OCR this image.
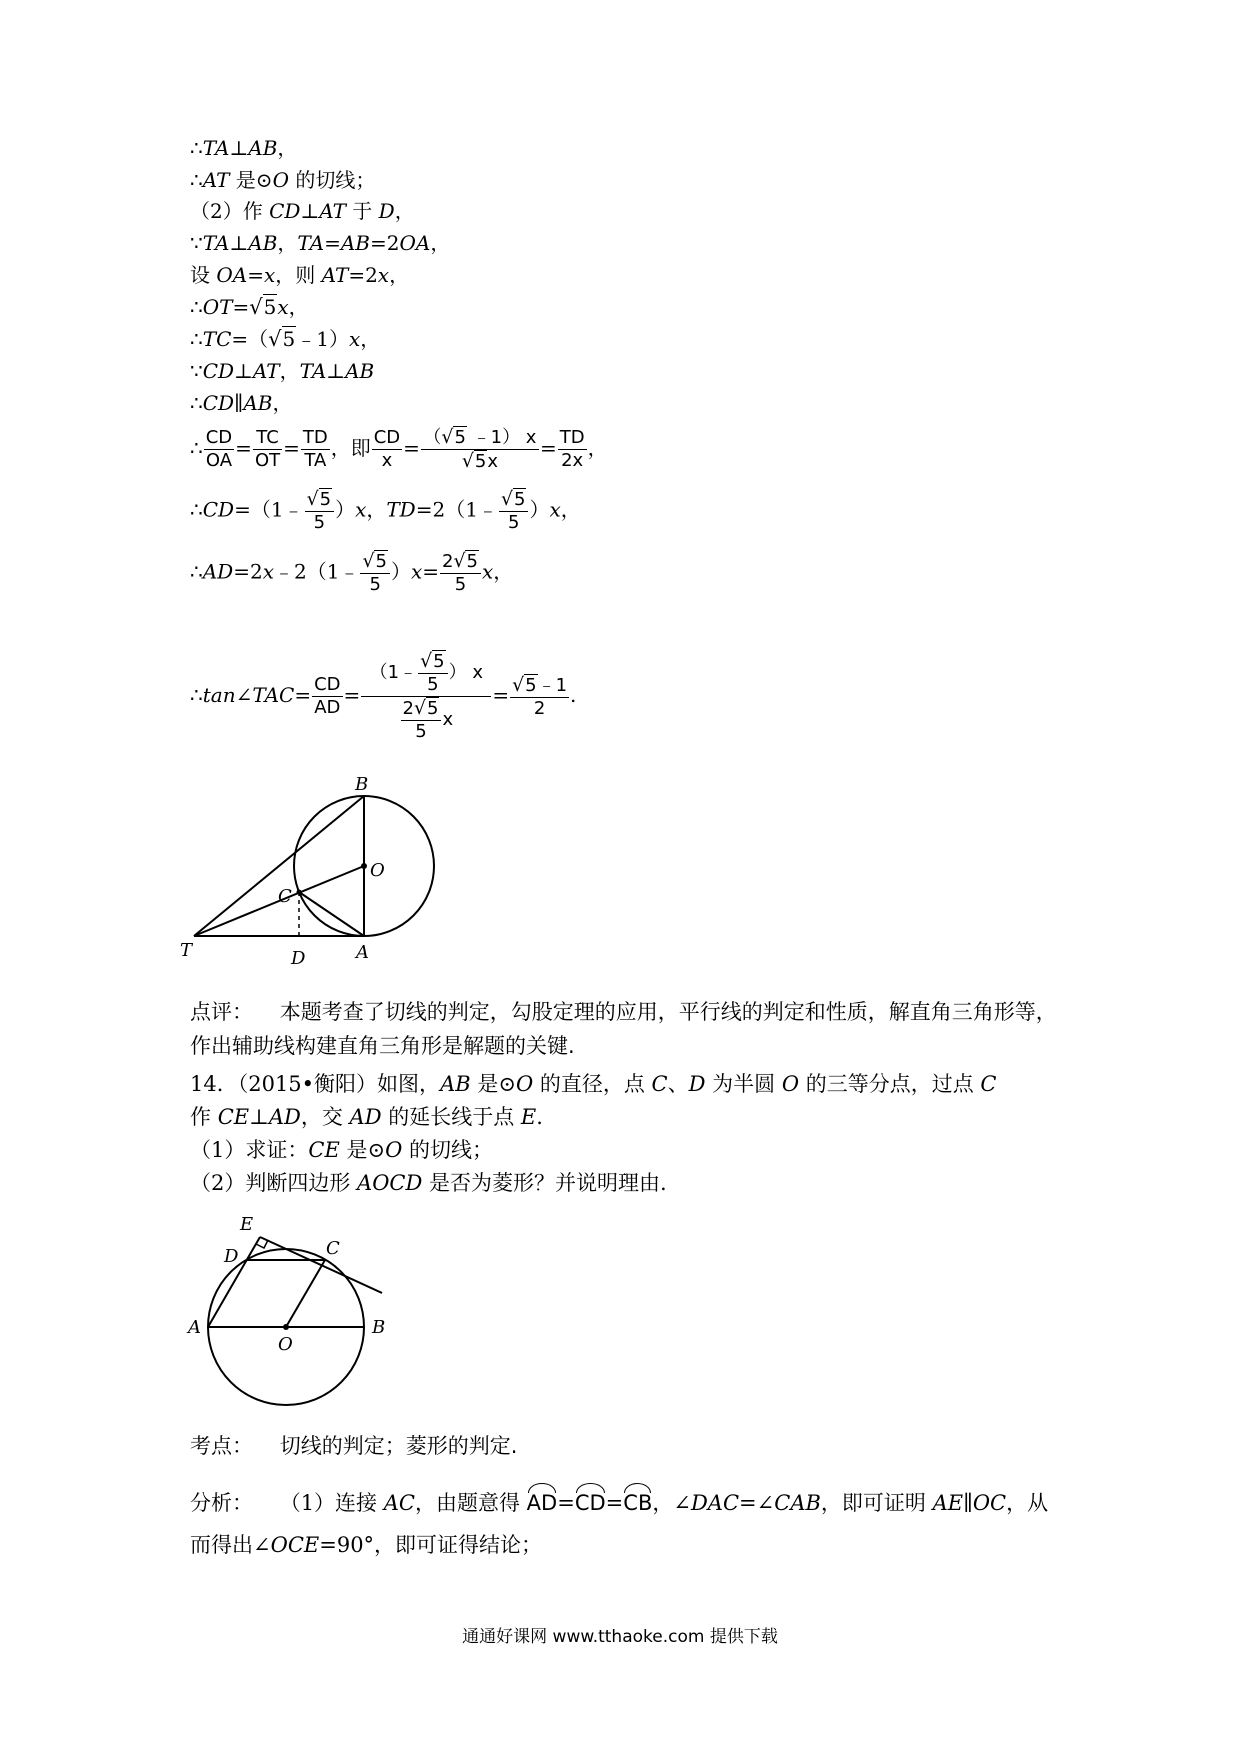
∴TA⊥AB，
∴AT 是⊙O 的切线；
（2）作 CD⊥AT 于 D，
∵TA⊥AB，TA=AB=2OA，
设 OA=x，则 AT=2x，
∴OT=√5x，
∴TC=（√5﹣1）x，
∵CD⊥AT，TA⊥AB
∴CD∥AB，
∴ $\frac{CD}{OA} = \frac{TC}{OT} = \frac{TD}{TA}$ ，即 $\frac{CD}{x} = \frac{(√5 ﹣1) x}{√5x} = \frac{TD}{2x}$ ，
∴CD=（1﹣ $\frac{√5}{5} )x$，TD=2（1﹣ $\frac{√5}{5} )x$，
∴AD=2x﹣2（1﹣ $\frac{√5}{5} )x= \frac{2√5}{5}$ x，
∴tan∠TAC= $\frac{CD}{AD} = \frac{(1﹣ \frac{√5}{5} ) x}{\frac{2√5}{5} x} = \frac{√5﹣1}{2}$ .
B
O
C
T	D	A
点评： 本题考查了切线的判定，勾股定理的应用，平行线的判定和性质，解直角三角形等，作出辅助线构建直角三角形是解题的关键.
14．（2015•衡阳）如图，AB 是⊙O 的直径，点 C、D 为半圆 O 的三等分点，过点 C
作 CE⊥AD，交 AD 的延长线于点 E.
（1）求证：CE 是⊙O 的切线；
（2）判断四边形 AOCD 是否为菱形？并说明理由.
E
D	C
A
O
B
考点： 切线的判定；菱形的判定.
分析：    （1）连接 AC，由题意得 AD=CD=CB，∠DAC=∠CAB，即可证明 AE∥OC，从
而得出∠OCE=90°，即可证得结论；
通通好课网 www.tthaoke.com 提供下载
